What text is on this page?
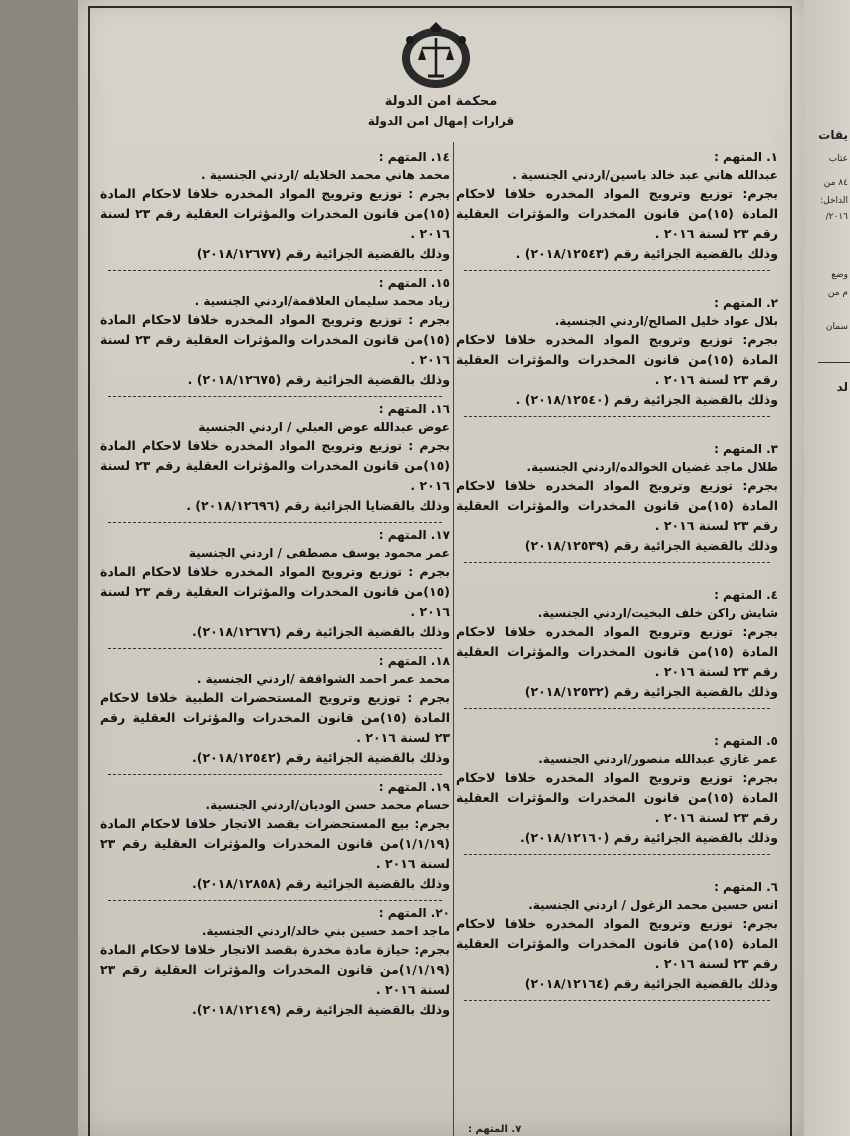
محكمة امن الدولة
قرارات إمهال امن الدولة
١. المتهم :
عبدالله هاني عبد خالد ياسين/اردني الجنسية .
بجرم: توزيع وترويج المواد المخدره خلافا لاحكام المادة (١٥)من قانون المخدرات والمؤثرات العقلية رقم ٢٣ لسنة ٢٠١٦ .
وذلك بالقضية الجزائية رقم (٢٠١٨/١٢٥٤٣) .
٢. المتهم :
بلال عواد خليل الصالح/اردني الجنسية.
بجرم: توزيع وترويج المواد المخدره خلافا لاحكام المادة (١٥)من قانون المخدرات والمؤثرات العقلية رقم ٢٣ لسنة ٢٠١٦ .
وذلك بالقضية الجزائية رقم (٢٠١٨/١٢٥٤٠) .
٣. المتهم :
طلال ماجد غضيان الخوالده/اردني الجنسية.
بجرم: توزيع وترويج المواد المخدره خلافا لاحكام المادة (١٥)من قانون المخدرات والمؤثرات العقلية رقم ٢٣ لسنة ٢٠١٦ .
وذلك بالقضية الجزائية رقم (٢٠١٨/١٢٥٣٩)
٤. المتهم :
شايش راكن خلف البخيت/اردني الجنسية.
بجرم: توزيع وترويج المواد المخدره خلافا لاحكام المادة (١٥)من قانون المخدرات والمؤثرات العقلية رقم ٢٣ لسنة ٢٠١٦ .
وذلك بالقضية الجزائية رقم (٢٠١٨/١٢٥٣٢)
٥. المتهم :
عمر غازي عبدالله منصور/اردني الجنسية.
بجرم: توزيع وترويج المواد المخدره خلافا لاحكام المادة (١٥)من قانون المخدرات والمؤثرات العقلية رقم ٢٣ لسنة ٢٠١٦ .
وذلك بالقضية الجزائية رقم (٢٠١٨/١٢١٦٠).
٦. المتهم :
انس حسين محمد الزغول / اردني الجنسية.
بجرم: توزيع وترويج المواد المخدره خلافا لاحكام المادة (١٥)من قانون المخدرات والمؤثرات العقلية رقم ٢٣ لسنة ٢٠١٦ .
وذلك بالقضية الجزائية رقم (٢٠١٨/١٢١٦٤)
١٤. المتهم :
محمد هاني محمد الخلايله /اردني الجنسية .
بجرم : توزيع وترويج المواد المخدره خلافا لاحكام المادة (١٥)من قانون المخدرات والمؤثرات العقلية رقم ٢٣ لسنة ٢٠١٦ .
وذلك بالقضية الجزائية رقم (٢٠١٨/١٢٦٧٧)
١٥. المتهم :
زياد محمد سليمان العلاقمة/اردني الجنسية .
بجرم : توزيع وترويج المواد المخدره خلافا لاحكام المادة (١٥)من قانون المخدرات والمؤثرات العقلية رقم ٢٣ لسنة ٢٠١٦ .
وذلك بالقضية الجزائية رقم (٢٠١٨/١٢٦٧٥) .
١٦. المتهم :
عوض عبدالله عوض العبلي / اردني الجنسية
بجرم : توزيع وترويج المواد المخدره خلافا لاحكام المادة (١٥)من قانون المخدرات والمؤثرات العقلية رقم ٢٣ لسنة ٢٠١٦ .
وذلك بالقضايا الجزائية رقم (٢٠١٨/١٢٦٩٦) .
١٧. المتهم :
عمر محمود يوسف مصطفى / اردني الجنسية
بجرم : توزيع وترويج المواد المخدره خلافا لاحكام المادة (١٥)من قانون المخدرات والمؤثرات العقلية رقم ٢٣ لسنة ٢٠١٦ .
وذلك بالقضية الجزائية رقم (٢٠١٨/١٢٦٧٦).
١٨. المتهم :
محمد عمر احمد الشواقفة /اردني الجنسية .
بجرم : توزيع وترويج المستحضرات الطبية خلافا لاحكام المادة (١٥)من قانون المخدرات والمؤثرات العقلية رقم ٢٣ لسنة ٢٠١٦ .
وذلك بالقضية الجزائية رقم (٢٠١٨/١٢٥٤٢).
١٩. المتهم :
حسام محمد حسن الوديان/اردني الجنسية.
بجرم: بيع المستحضرات بقصد الاتجار خلافا لاحكام المادة (١/١/١٩)من قانون المخدرات والمؤثرات العقلية رقم ٢٣ لسنة ٢٠١٦ .
وذلك بالقضية الجزائية رقم (٢٠١٨/١٢٨٥٨).
٢٠. المتهم :
ماجد احمد حسين بني خالد/اردني الجنسية.
بجرم: حيازة مادة مخدرة بقصد الاتجار خلافا لاحكام المادة (١/١/١٩)من قانون المخدرات والمؤثرات العقلية رقم ٢٣ لسنة ٢٠١٦ .
وذلك بالقضية الجزائية رقم (٢٠١٨/١٢١٤٩).
٧. المتهم :
يقات
عتاب
٨٤ من
الداخل:
٢٠١٦/
وضع
م من
سمان
لد
